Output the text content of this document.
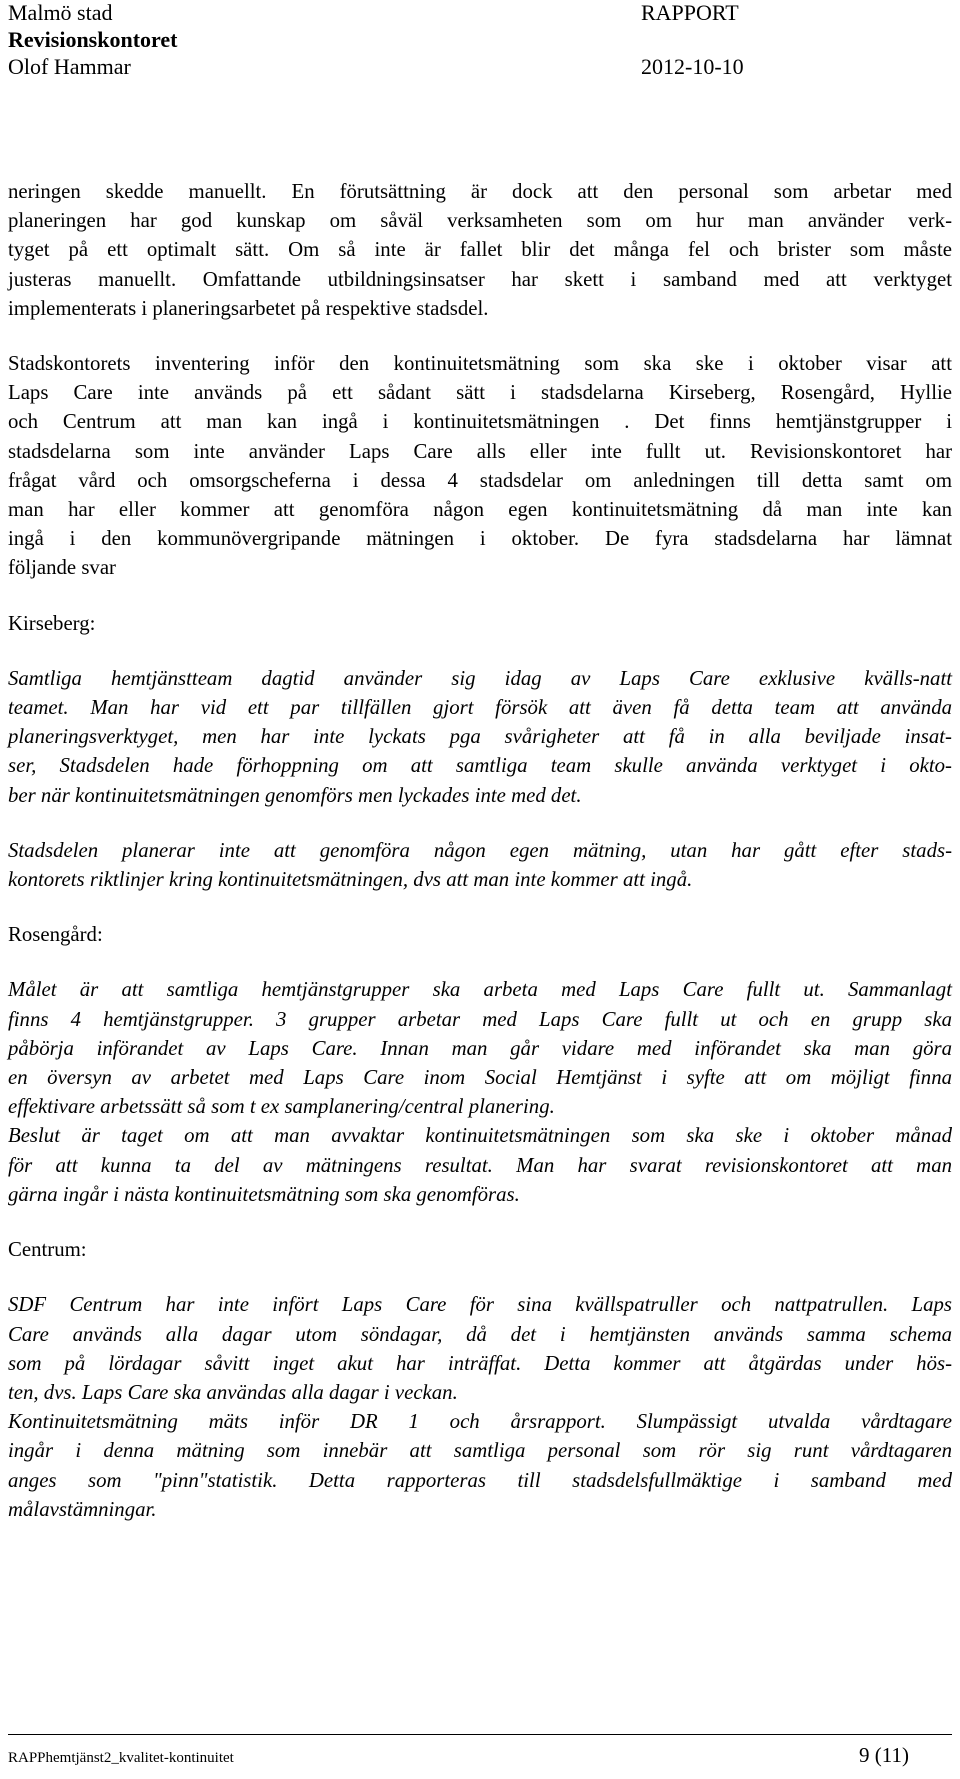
Malmö stad
Revisionskontoret
Olof Hammar
RAPPORT
2012-10-10
neringen skedde manuellt. En förutsättning är dock att den personal som arbetar med
planeringen har god kunskap om såväl verksamheten som om hur man använder verk-
tyget på ett optimalt sätt. Om så inte är fallet blir det många fel och brister som måste
justeras manuellt. Omfattande utbildningsinsatser har skett i samband med att verktyget
implementerats i planeringsarbetet på respektive stadsdel.
Stadskontorets inventering inför den kontinuitetsmätning som ska ske i oktober visar att
Laps Care inte används på ett sådant sätt i stadsdelarna Kirseberg, Rosengård, Hyllie
och Centrum att man kan ingå i kontinuitetsmätningen . Det finns hemtjänstgrupper i
stadsdelarna som inte använder Laps Care alls eller inte fullt ut. Revisionskontoret har
frågat vård och omsorgscheferna i dessa 4 stadsdelar om anledningen till detta samt om
man har eller kommer att genomföra någon egen kontinuitetsmätning då man inte kan
ingå i den kommunövergripande mätningen i oktober. De fyra stadsdelarna har lämnat
följande svar
Kirseberg:
Samtliga hemtjänstteam dagtid använder sig idag av Laps Care exklusive kvälls-natt
teamet. Man har vid ett par tillfällen gjort försök att även få detta team att använda
planeringsverktyget, men har inte lyckats pga svårigheter att få in alla beviljade insat-
ser, Stadsdelen hade förhoppning om att samtliga team skulle använda verktyget i okto-
ber när kontinuitetsmätningen genomförs men lyckades inte med det.
Stadsdelen planerar inte att genomföra någon egen mätning, utan har gått efter stads-
kontorets riktlinjer kring kontinuitetsmätningen, dvs att man inte kommer att ingå.
Rosengård:
Målet är att samtliga hemtjänstgrupper ska arbeta med Laps Care fullt ut. Sammanlagt
finns 4 hemtjänstgrupper. 3 grupper arbetar med Laps Care fullt ut och en grupp ska
påbörja införandet av Laps Care. Innan man går vidare med införandet ska man göra
en översyn av arbetet med Laps Care inom Social Hemtjänst i syfte att om möjligt finna
effektivare arbetssätt så som t ex samplanering/central planering.
Beslut är taget om att man avvaktar kontinuitetsmätningen som ska ske i oktober månad
för att kunna ta del av mätningens resultat. Man har svarat revisionskontoret att man
gärna ingår i nästa kontinuitetsmätning som ska genomföras.
Centrum:
SDF Centrum har inte infört Laps Care för sina kvällspatruller och nattpatrullen. Laps
Care används alla dagar utom söndagar, då det i hemtjänsten används samma schema
som på lördagar såvitt inget akut har inträffat. Detta kommer att åtgärdas under hös-
ten, dvs. Laps Care ska användas alla dagar i veckan.
Kontinuitetsmätning mäts inför DR 1 och årsrapport. Slumpässigt utvalda vårdtagare
ingår i denna mätning som innebär att samtliga personal som rör sig runt vårdtagaren
anges som "pinn"statistik. Detta rapporteras till stadsdelsfullmäktige i samband med
målavstämningar.
RAPPhemtjänst2_kvalitet-kontinuitet	9 (11)
